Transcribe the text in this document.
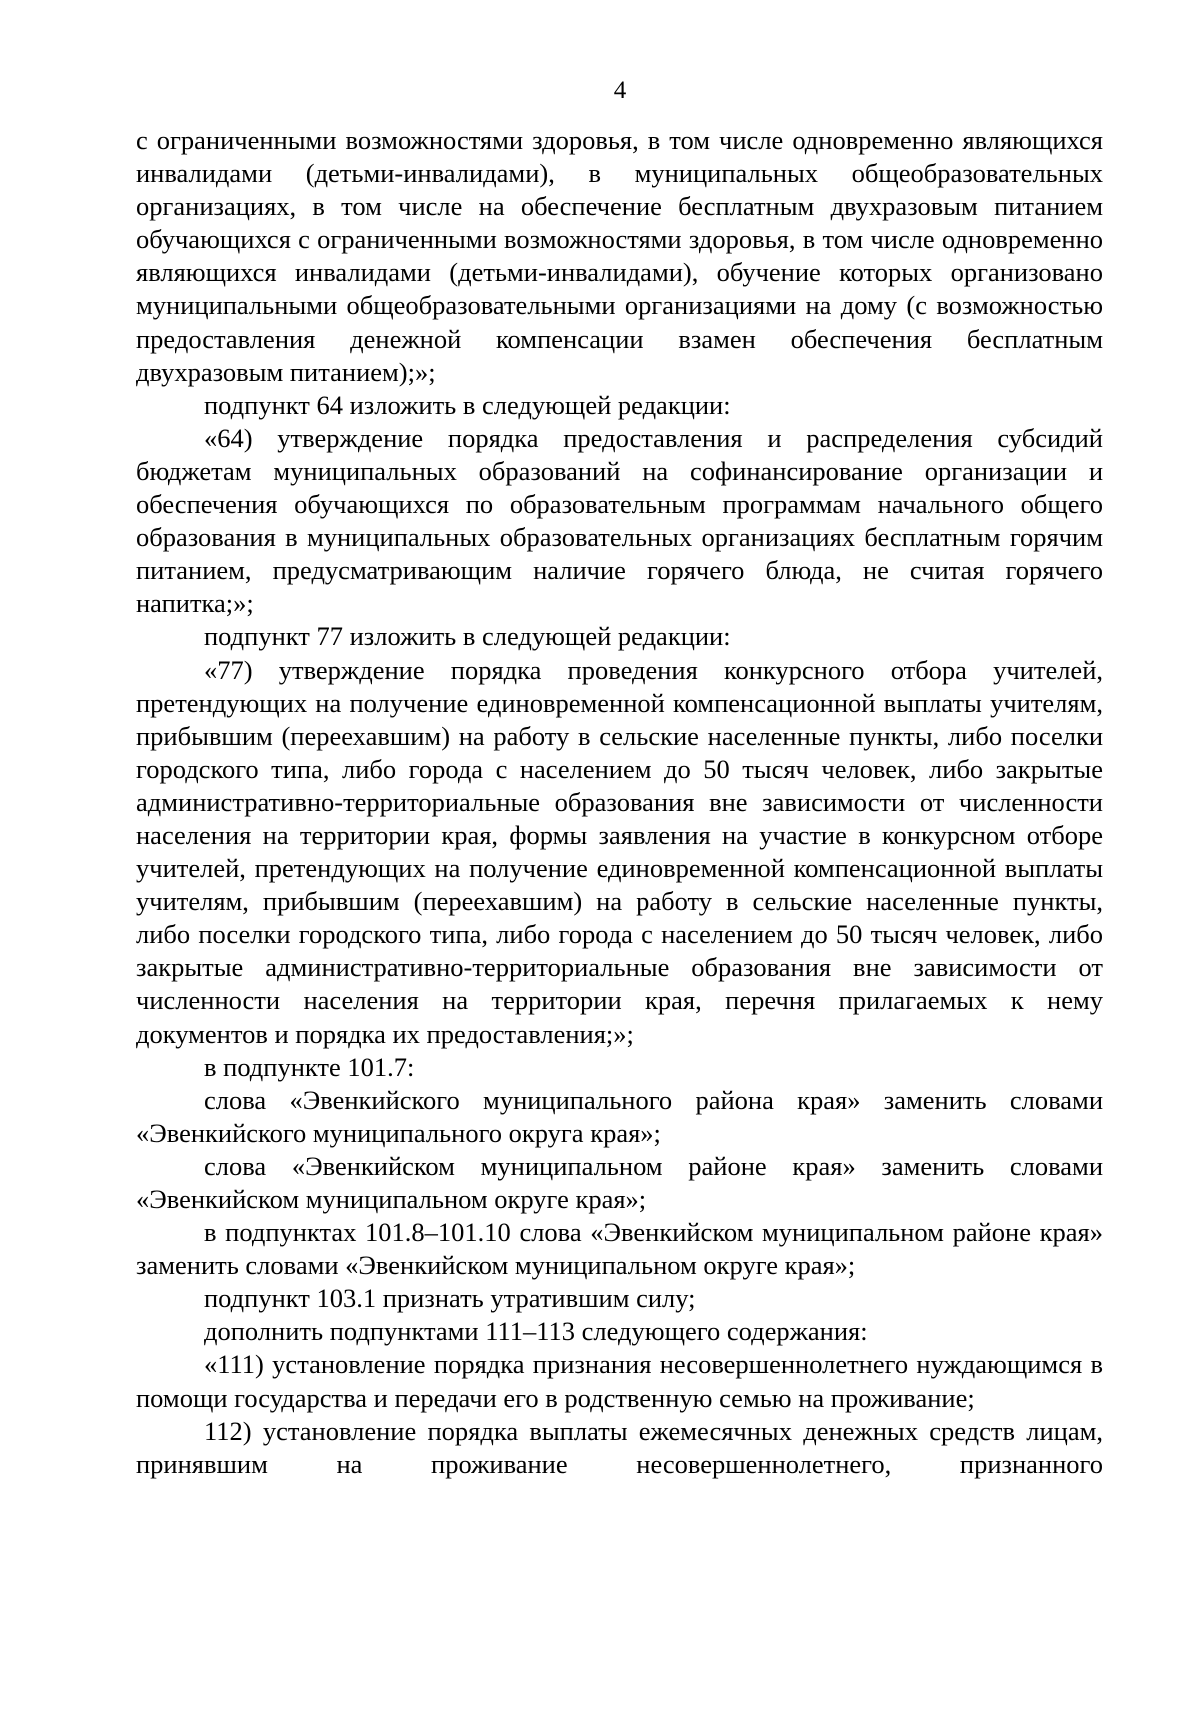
4

с ограниченными возможностями здоровья, в том числе одновременно являющихся инвалидами (детьми-инвалидами), в муниципальных общеобразовательных организациях, в том числе на обеспечение бесплатным двухразовым питанием обучающихся с ограниченными возможностями здоровья, в том числе одновременно являющихся инвалидами (детьми-инвалидами), обучение которых организовано муниципальными общеобразовательными организациями на дому (с возможностью предоставления денежной компенсации взамен обеспечения бесплатным двухразовым питанием);»;

подпункт 64 изложить в следующей редакции:

«64) утверждение порядка предоставления и распределения субсидий бюджетам муниципальных образований на софинансирование организации и обеспечения обучающихся по образовательным программам начального общего образования в муниципальных образовательных организациях бесплатным горячим питанием, предусматривающим наличие горячего блюда, не считая горячего напитка;»;

подпункт 77 изложить в следующей редакции:

«77) утверждение порядка проведения конкурсного отбора учителей, претендующих на получение единовременной компенсационной выплаты учителям, прибывшим (переехавшим) на работу в сельские населенные пункты, либо поселки городского типа, либо города с населением до 50 тысяч человек, либо закрытые административно-территориальные образования вне зависимости от численности населения на территории края, формы заявления на участие в конкурсном отборе учителей, претендующих на получение единовременной компенсационной выплаты учителям, прибывшим (переехавшим) на работу в сельские населенные пункты, либо поселки городского типа, либо города с населением до 50 тысяч человек, либо закрытые административно-территориальные образования вне зависимости от численности населения на территории края, перечня прилагаемых к нему документов и порядка их предоставления;»;

в подпункте 101.7:

слова «Эвенкийского муниципального района края» заменить словами «Эвенкийского муниципального округа края»;

слова «Эвенкийском муниципальном районе края» заменить словами «Эвенкийском муниципальном округе края»;

в подпунктах 101.8–101.10 слова «Эвенкийском муниципальном районе края» заменить словами «Эвенкийском муниципальном округе края»;

подпункт 103.1 признать утратившим силу;

дополнить подпунктами 111–113 следующего содержания:

«111) установление порядка признания несовершеннолетнего нуждающимся в помощи государства и передачи его в родственную семью на проживание;

112) установление порядка выплаты ежемесячных денежных средств лицам, принявшим на проживание несовершеннолетнего, признанного
